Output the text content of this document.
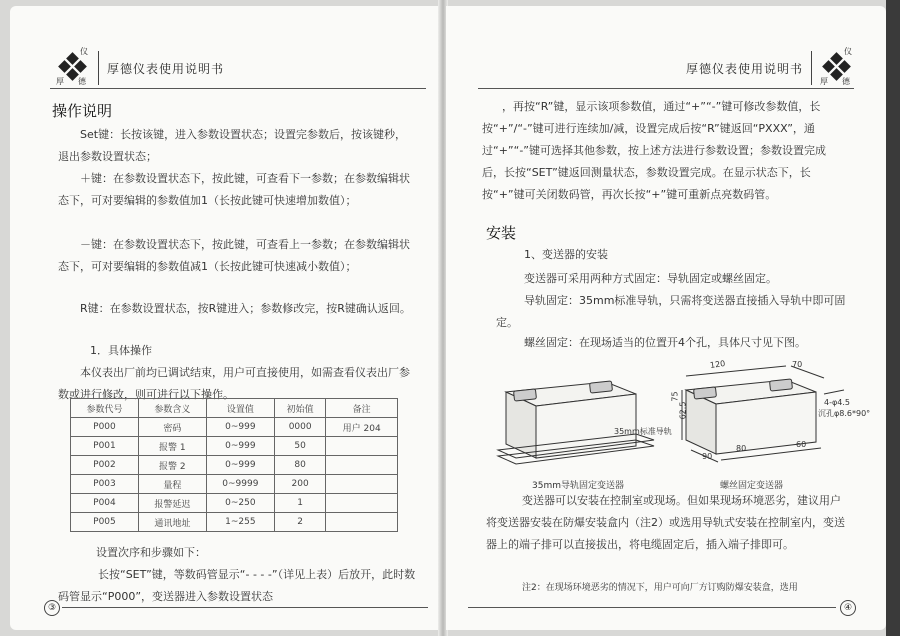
仪
厚 德
厚德仪表使用说明书
操作说明
Set键：长按该键，进入参数设置状态；设置完参数后，按该键秒，退出参数设置状态；
＋键：在参数设置状态下，按此键，可查看下一参数；在参数编辑状态下，可对要编辑的参数值加1（长按此键可快速增加数值）；
－键：在参数设置状态下，按此键，可查看上一参数；在参数编辑状态下，可对要编辑的参数值减1（长按此键可快速减小数值）；
R键：在参数设置状态，按R键进入；参数修改完，按R键确认返回。
1．具体操作
本仪表出厂前均已调试结束，用户可直接使用，如需查看仪表出厂参数或进行修改，则可进行以下操作。
参数代号	参数含义	设置值	初始值	备注
P000	密码	0~999	0000	用户 204
P001	报警 1	0~999	50	
P002	报警 2	0~999	80	
P003	量程	0~9999	200	
P004	报警延迟	0~250	1	
P005	通讯地址	1~255	2	
设置次序和步骤如下：
长按“SET”键，等数码管显示“- - - -”（详见上表）后放开，此时数码管显示“P000”，变送器进入参数设置状态
③
厚德仪表使用说明书
仪
厚 德
，再按“R”键，显示该项参数值，通过“+”“-”键可修改参数值，长按“+”/“-”键可进行连续加/减，设置完成后按“R”键返回“PXXX”，通过“+”“-”键可选择其他参数，按上述方法进行参数设置；参数设置完成后，长按“SET”键返回测量状态，参数设置完成。在显示状态下，长按“+”键可关闭数码管，再次长按“+”键可重新点亮数码管。
安装
1、变送器的安装
变送器可采用两种方式固定：导轨固定或螺丝固定。
导轨固定：35mm标准导轨，只需将变送器直接插入导轨中即可固定。
螺丝固定：在现场适当的位置开4个孔，具体尺寸见下图。
35mm标准导轨
120	70
75
62.5
80
90
60
4-φ4.5
沉孔φ8.6*90°
35mm导轨固定变送器	螺丝固定变送器
变送器可以安装在控制室或现场。但如果现场环境恶劣，建议用户将变送器安装在防爆安装盒内（注2）或选用导轨式安装在控制室内，变送器上的端子排可以直接拔出，将电缆固定后，插入端子排即可。
注2：在现场环境恶劣的情况下，用户可向厂方订购防爆安装盒，选用
④
